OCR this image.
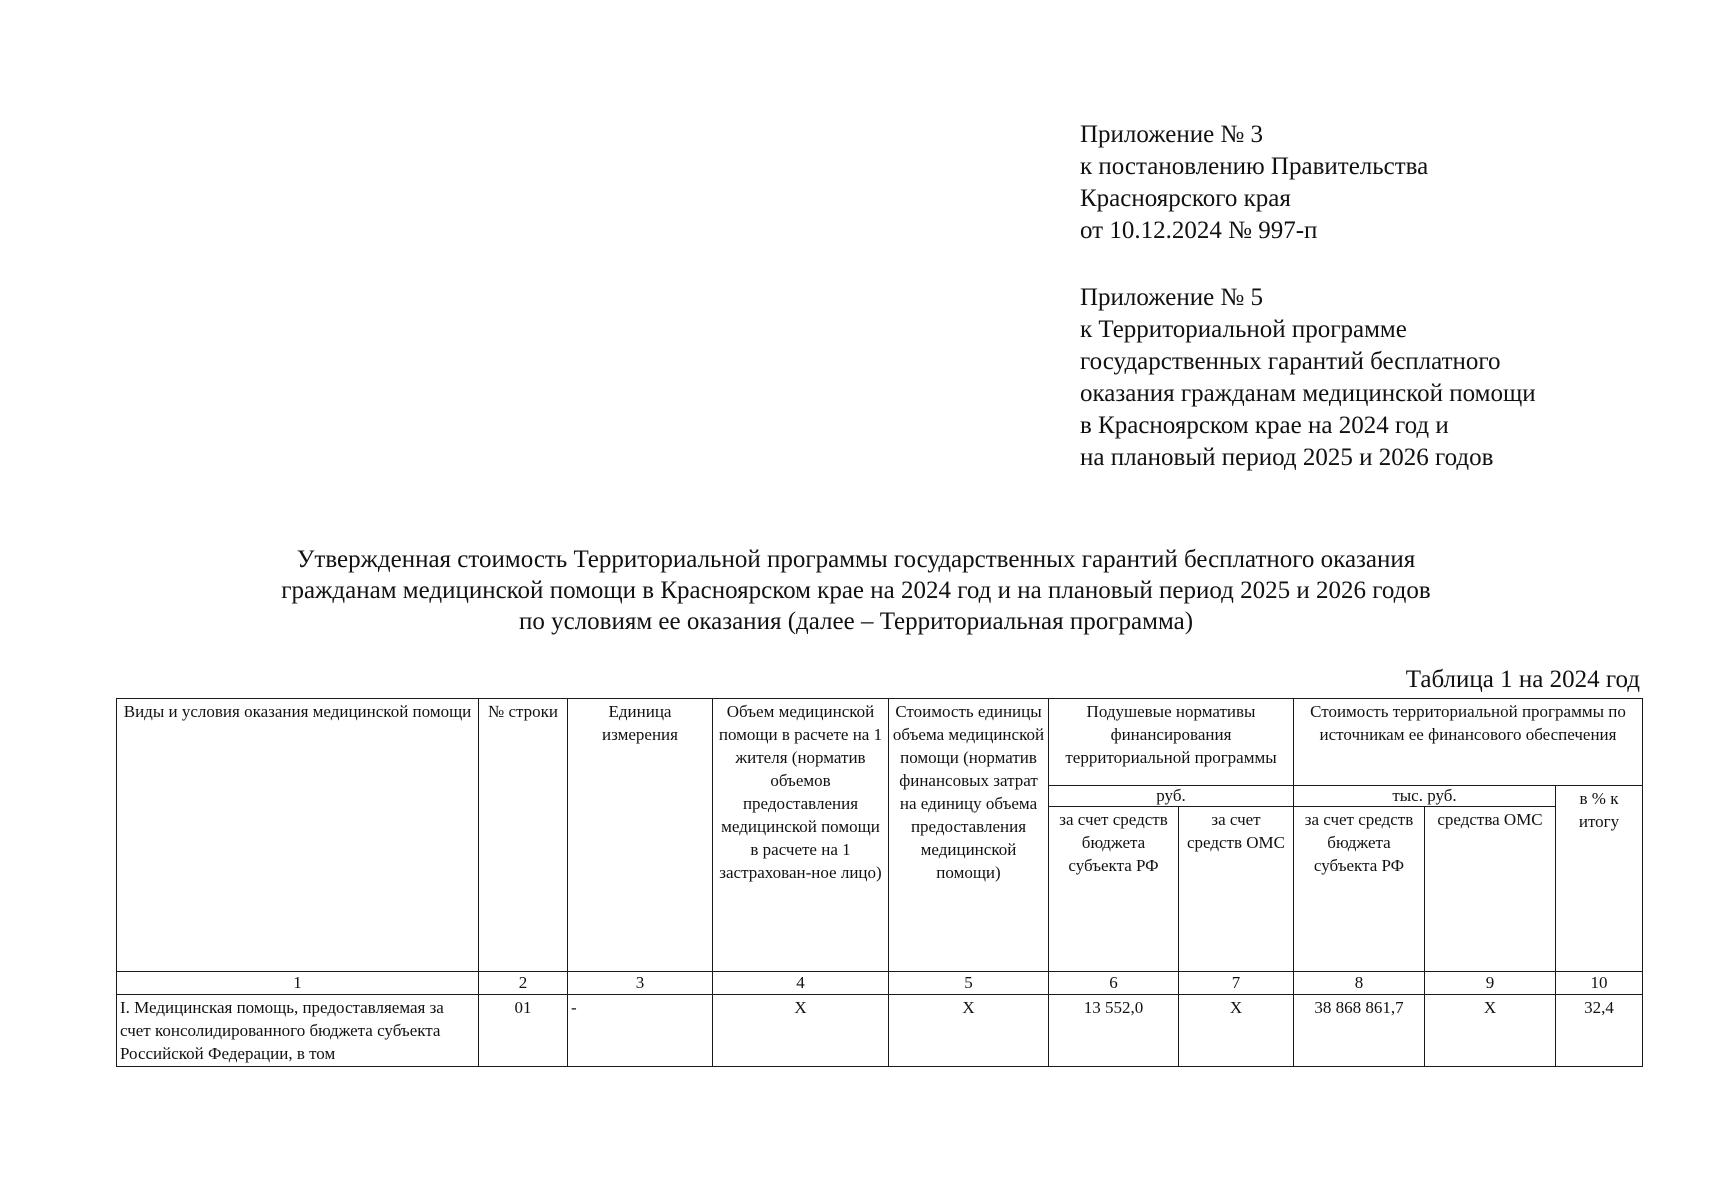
Приложение № 3
к постановлению Правительства
Красноярского края
от 10.12.2024 № 997-п
Приложение № 5
к Территориальной программе
государственных гарантий бесплатного
оказания гражданам медицинской помощи
в Красноярском крае на 2024 год и
на плановый период 2025 и 2026 годов
Утвержденная стоимость Территориальной программы государственных гарантий бесплатного оказания
гражданам медицинской помощи в Красноярском крае на 2024 год и на плановый период 2025 и 2026 годов
по условиям ее оказания (далее – Территориальная программа)
Таблица 1 на 2024 год
Виды и условия оказания медицинской помощи	№ строки	Единица измерения	Объем медицинской помощи в расчете на 1 жителя (норматив объемов предоставления медицинской помощи в расчете на 1 застрахован-ное лицо)	Стоимость единицы объема медицинской помощи (норматив финансовых затрат на единицу объема предоставления медицинской помощи)	Подушевые нормативы финансирования территориальной программы		Стоимость территориальной программы по источникам ее финансового обеспечения		
					руб.		тыс. руб.		в % к итогу
					за счет средств бюджета субъекта РФ	за счет средств ОМС	за счет средств бюджета субъекта РФ	средства ОМС	
1	2	3	4	5	6	7	8	9	10
I. Медицинская помощь, предоставляемая за счет консолидированного бюджета субъекта Российской Федерации, в том	01	-	X	X	13 552,0	X	38 868 861,7	X	32,4
